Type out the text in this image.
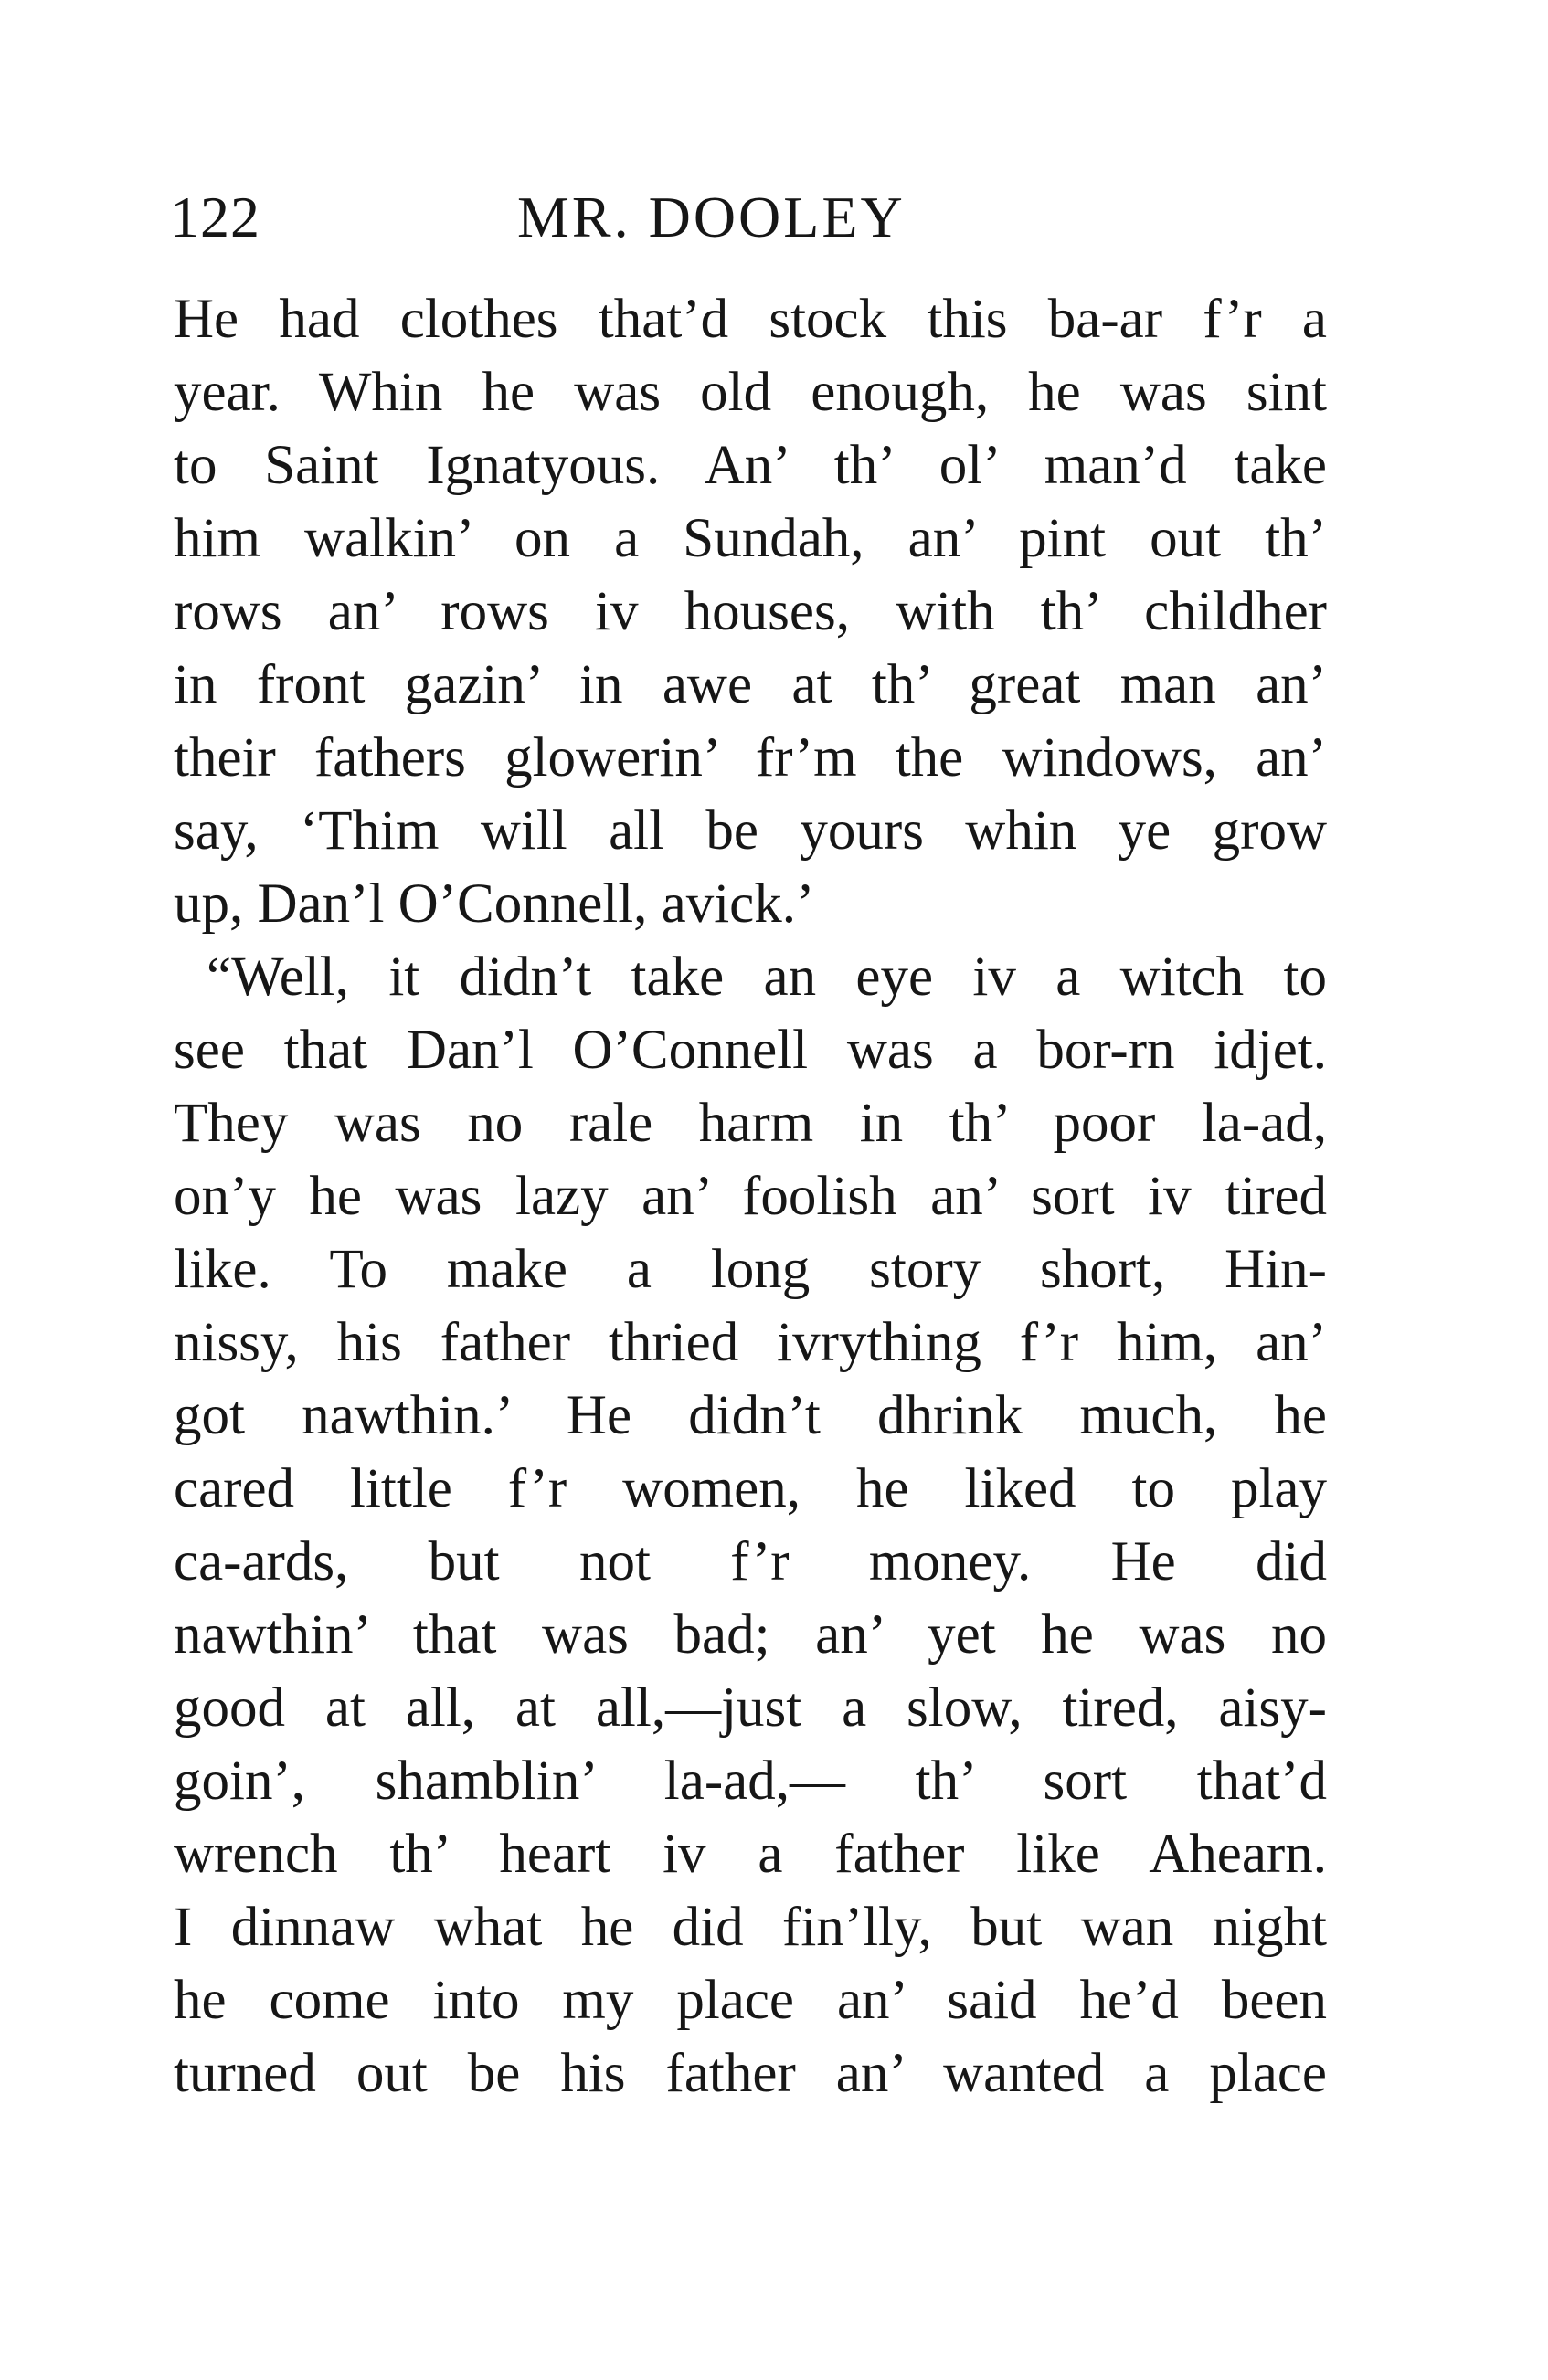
122	MR. DOOLEY
He had clothes that’d stock this ba-ar f’r a
year. Whin he was old enough, he was sint
to Saint Ignatyous. An’ th’ ol’ man’d take
him walkin’ on a Sundah, an’ pint out th’
rows an’ rows iv houses, with th’ childher
in front gazin’ in awe at th’ great man an’
their fathers glowerin’ fr’m the windows, an’
say, ‘Thim will all be yours whin ye grow
up, Dan’l O’Connell, avick.’
“Well, it didn’t take an eye iv a witch to
see that Dan’l O’Connell was a bor-rn idjet.
They was no rale harm in th’ poor la-ad,
on’y he was lazy an’ foolish an’ sort iv tired
like. To make a long story short, Hin-
nissy, his father thried ivrything f’r him, an’
got nawthin.’ He didn’t dhrink much, he
cared little f’r women, he liked to play
ca-ards, but not f’r money. He did
nawthin’ that was bad; an’ yet he was no
good at all, at all,—just a slow, tired, aisy-
goin’, shamblin’ la-ad,— th’ sort that’d
wrench th’ heart iv a father like Ahearn.
I dinnaw what he did fin’lly, but wan night
he come into my place an’ said he’d been
turned out be his father an’ wanted a place
